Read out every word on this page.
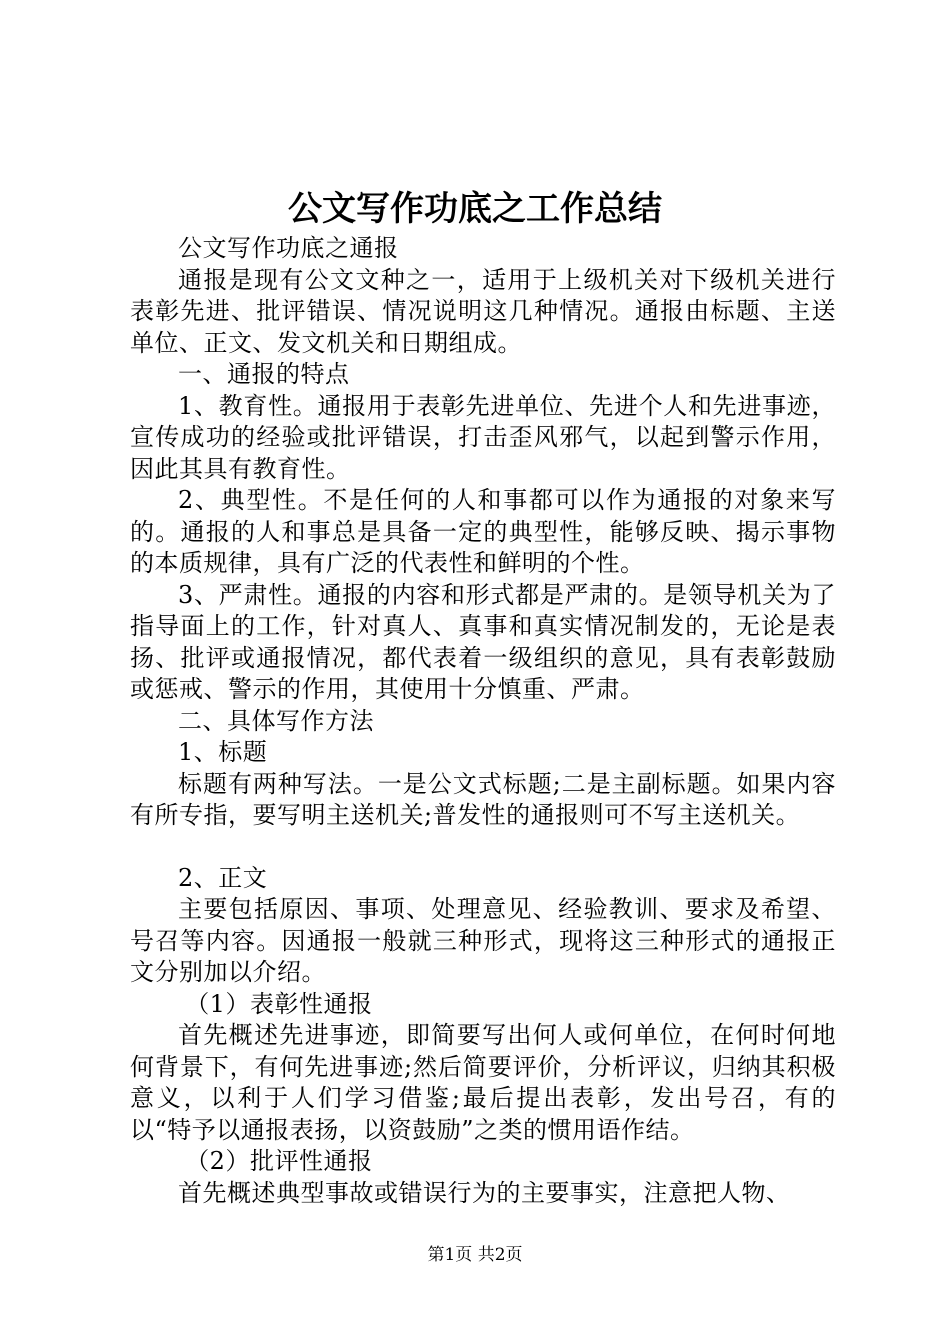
公文写作功底之工作总结

公文写作功底之通报

通报是现有公文文种之一，适用于上级机关对下级机关进行表彰先进、批评错误、情况说明这几种情况。通报由标题、主送单位、正文、发文机关和日期组成。

一、通报的特点

1、教育性。通报用于表彰先进单位、先进个人和先进事迹，宣传成功的经验或批评错误，打击歪风邪气，以起到警示作用，因此其具有教育性。

2、典型性。不是任何的人和事都可以作为通报的对象来写的。通报的人和事总是具备一定的典型性，能够反映、揭示事物的本质规律，具有广泛的代表性和鲜明的个性。

3、严肃性。通报的内容和形式都是严肃的。是领导机关为了指导面上的工作，针对真人、真事和真实情况制发的，无论是表扬、批评或通报情况，都代表着一级组织的意见，具有表彰鼓励或惩戒、警示的作用，其使用十分慎重、严肃。

二、具体写作方法

1、标题

标题有两种写法。一是公文式标题;二是主副标题。如果内容有所专指，要写明主送机关;普发性的通报则可不写主送机关。

2、正文

主要包括原因、事项、处理意见、经验教训、要求及希望、号召等内容。因通报一般就三种形式，现将这三种形式的通报正文分别加以介绍。

（1）表彰性通报

首先概述先进事迹，即简要写出何人或何单位，在何时何地何背景下，有何先进事迹;然后简要评价，分析评议，归纳其积极意义，以利于人们学习借鉴;最后提出表彰，发出号召，有的以“特予以通报表扬，以资鼓励”之类的惯用语作结。

（2）批评性通报

首先概述典型事故或错误行为的主要事实，注意把人物、

第1页 共2页
